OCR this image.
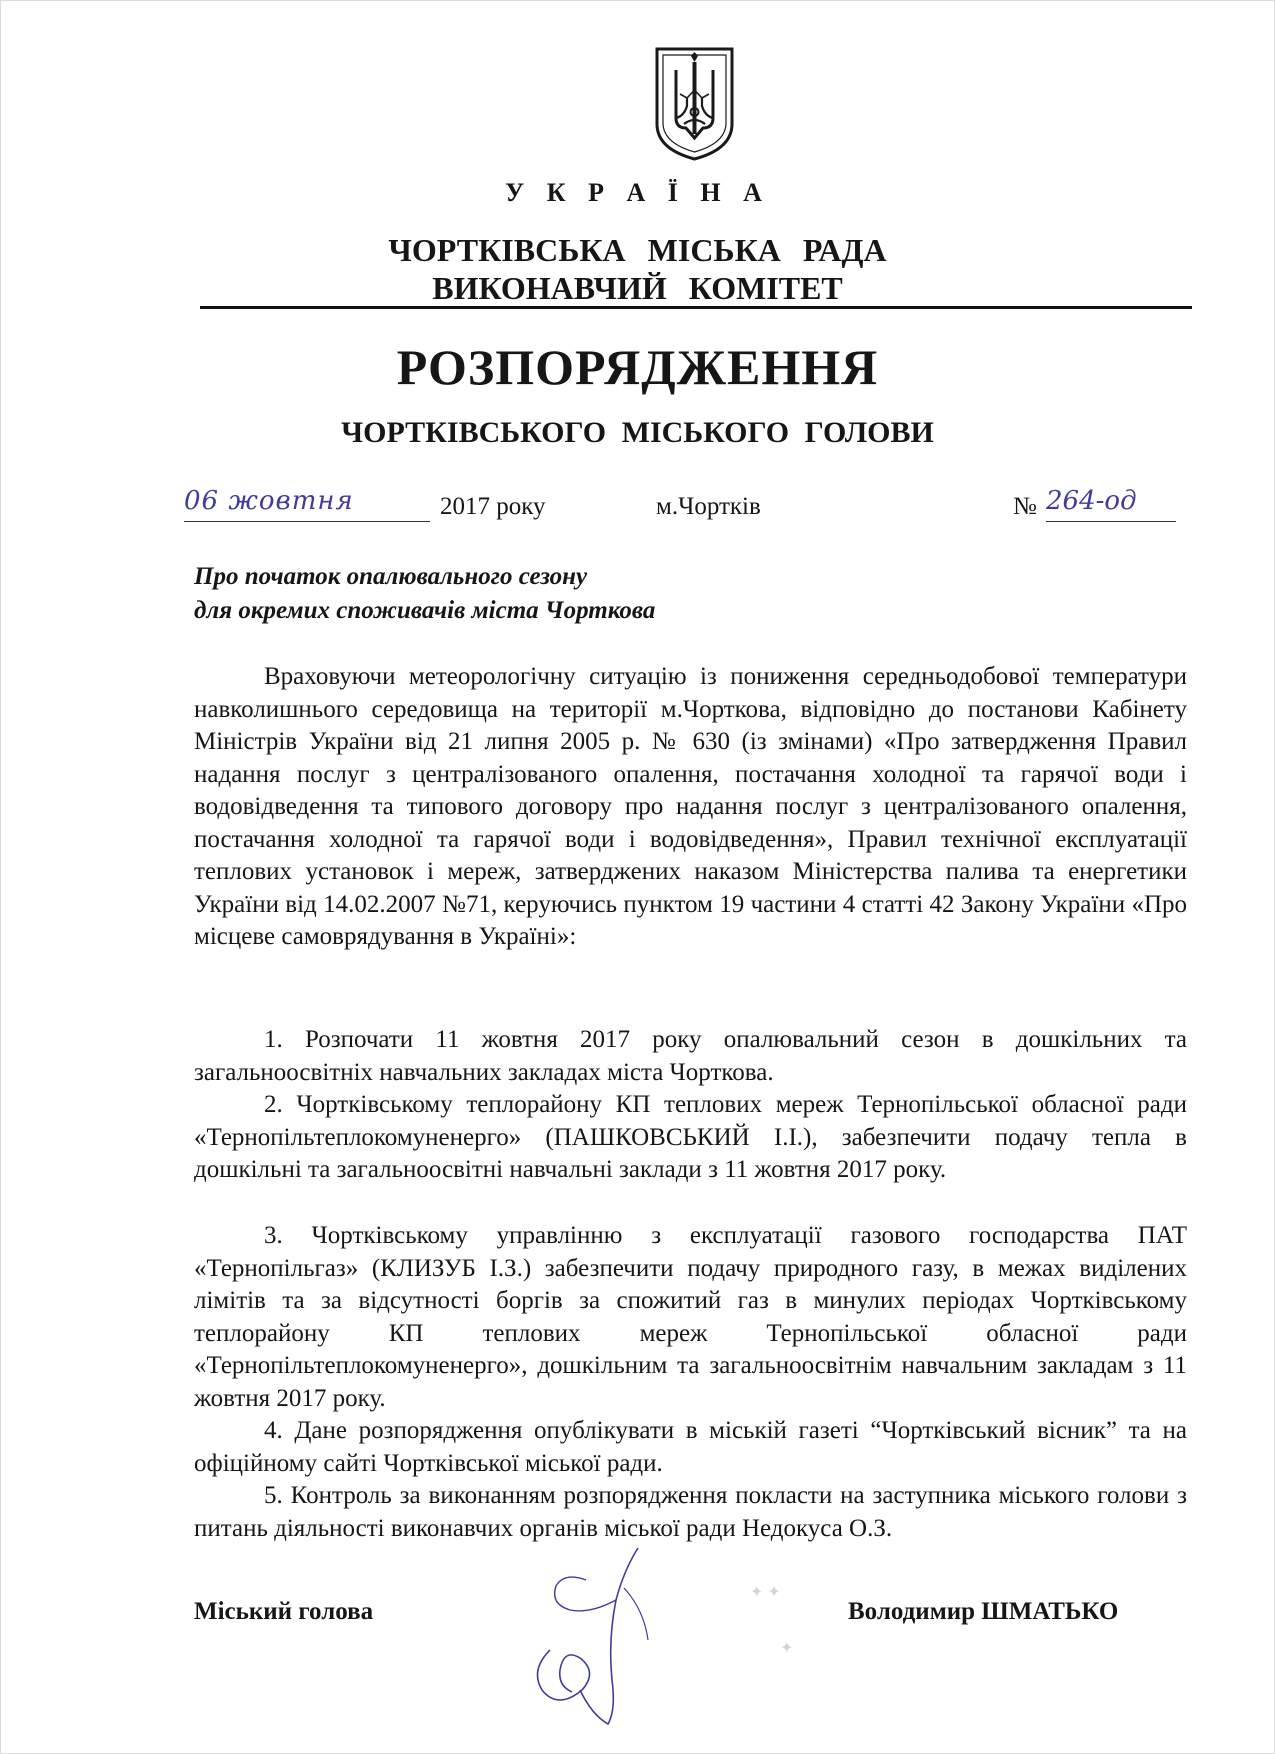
У К Р А Ї Н А
ЧОРТКІВСЬКА МІСЬКА РАДА
ВИКОНАВЧИЙ КОМІТЕТ
РОЗПОРЯДЖЕННЯ
ЧОРТКІВСЬКОГО МІСЬКОГО ГОЛОВИ
06 жовтня	2017 року	м.Чортків	№ 264-од
Про початок опалювального сезону
для окремих споживачів міста Чорткова
Враховуючи метеорологічну ситуацію із пониження середньодобової температури навколишнього середовища на території м.Чорткова, відповідно до постанови Кабінету Міністрів України від 21 липня 2005 р. № 630 (із змінами) «Про затвердження Правил надання послуг з централізованого опалення, постачання холодної та гарячої води і водовідведення та типового договору про надання послуг з централізованого опалення, постачання холодної та гарячої води і водовідведення», Правил технічної експлуатації теплових установок і мереж, затверджених наказом Міністерства палива та енергетики України від 14.02.2007 №71, керуючись пунктом 19 частини 4 статті 42 Закону України «Про місцеве самоврядування в Україні»:
1. Розпочати 11 жовтня 2017 року опалювальний сезон в дошкільних та загальноосвітніх навчальних закладах міста Чорткова.
2. Чортківському теплорайону КП теплових мереж Тернопільської обласної ради «Тернопільтеплокомуненерго» (ПАШКОВСЬКИЙ І.І.), забезпечити подачу тепла в дошкільні та загальноосвітні навчальні заклади з 11 жовтня 2017 року.
3. Чортківському управлінню з експлуатації газового господарства ПАТ «Тернопільгаз» (КЛИЗУБ І.З.) забезпечити подачу природного газу, в межах виділених лімітів та за відсутності боргів за спожитий газ в минулих періодах Чортківському теплорайону КП теплових мереж Тернопільської обласної ради «Тернопільтеплокомуненерго», дошкільним та загальноосвітнім навчальним закладам з 11 жовтня 2017 року.
4. Дане розпорядження опублікувати в міській газеті “Чортківський вісник” та на офіційному сайті Чортківської міської ради.
5. Контроль за виконанням розпорядження покласти на заступника міського голови з питань діяльності виконавчих органів міської ради Недокуса О.З.
✦ ✦
✦
Міський голова	Володимир ШМАТЬКО
